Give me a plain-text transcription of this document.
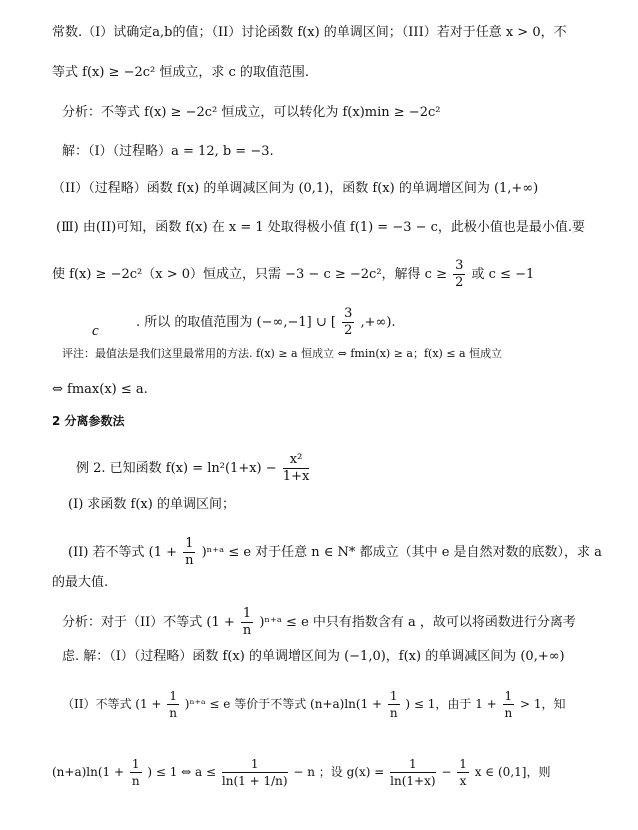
常数.（I）试确定a,b的值；（II）讨论函数 f(x) 的单调区间；（III）若对于任意 x > 0，不
等式 f(x) ≥ −2c² 恒成立，求 c 的取值范围.
分析：不等式 f(x) ≥ −2c² 恒成立，可以转化为 f(x)min ≥ −2c²
解：（I）（过程略）a = 12, b = −3.
（II）（过程略）函数 f(x) 的单调减区间为 (0,1)，函数 f(x) 的单调增区间为 (1,+∞)
(Ⅲ) 由(II)可知，函数 f(x) 在 x = 1 处取得极小值 f(1) = −3 − c，此极小值也是最小值.要
使 f(x) ≥ −2c²（x > 0）恒成立，只需 −3 − c ≥ −2c²，解得 $c \ge \frac{3}{2}$ 或 c ≤ −1
c
. 所以 的取值范围为 (−∞,−1] ∪ [ $\frac{3}{2}$ ,+∞).
评注：最值法是我们这里最常用的方法. f(x) ≥ a 恒成立 ⇔ fmin(x) ≥ a；f(x) ≤ a 恒成立
⇔ fmax(x) ≤ a.
2 分离参数法
例 2. 已知函数 $f(x) = \ln^2(1+x) - \frac{\text{x²}}{1+x}$
(I) 求函数 f(x) 的单调区间；
(II) 若不等式 ($1 + \frac{1}{n}$ )ⁿ⁺ᵃ ≤ e 对于任意 n ∈ N* 都成立（其中 e 是自然对数的底数），求 a
的最大值.
分析：对于（II）不等式 ($1 + \frac{1}{n}$ )ⁿ⁺ᵃ ≤ e 中只有指数含有 a ，故可以将函数进行分离考
虑. 解：（I）（过程略）函数 f(x) 的单调增区间为 (−1,0)，f(x) 的单调减区间为 (0,+∞)
（II）不等式 ($1 + \frac{1}{n}$ )ⁿ⁺ᵃ ≤ e 等价于不等式 $(n+a)\ln(1 + \frac{1}{n}$ ) ≤ 1，由于 $1 + \frac{1}{n} > 1$，知
$(n+a)\ln(1 + \frac{1}{n}$ ) ≤ 1 ⇔ $a \le \frac{1}{\ln(1 + 1/n)} - n$ ；设 $g(x) = \frac{1}{\ln(1+x)} - \frac{1}{x}$ x ∈ (0,1]，则
